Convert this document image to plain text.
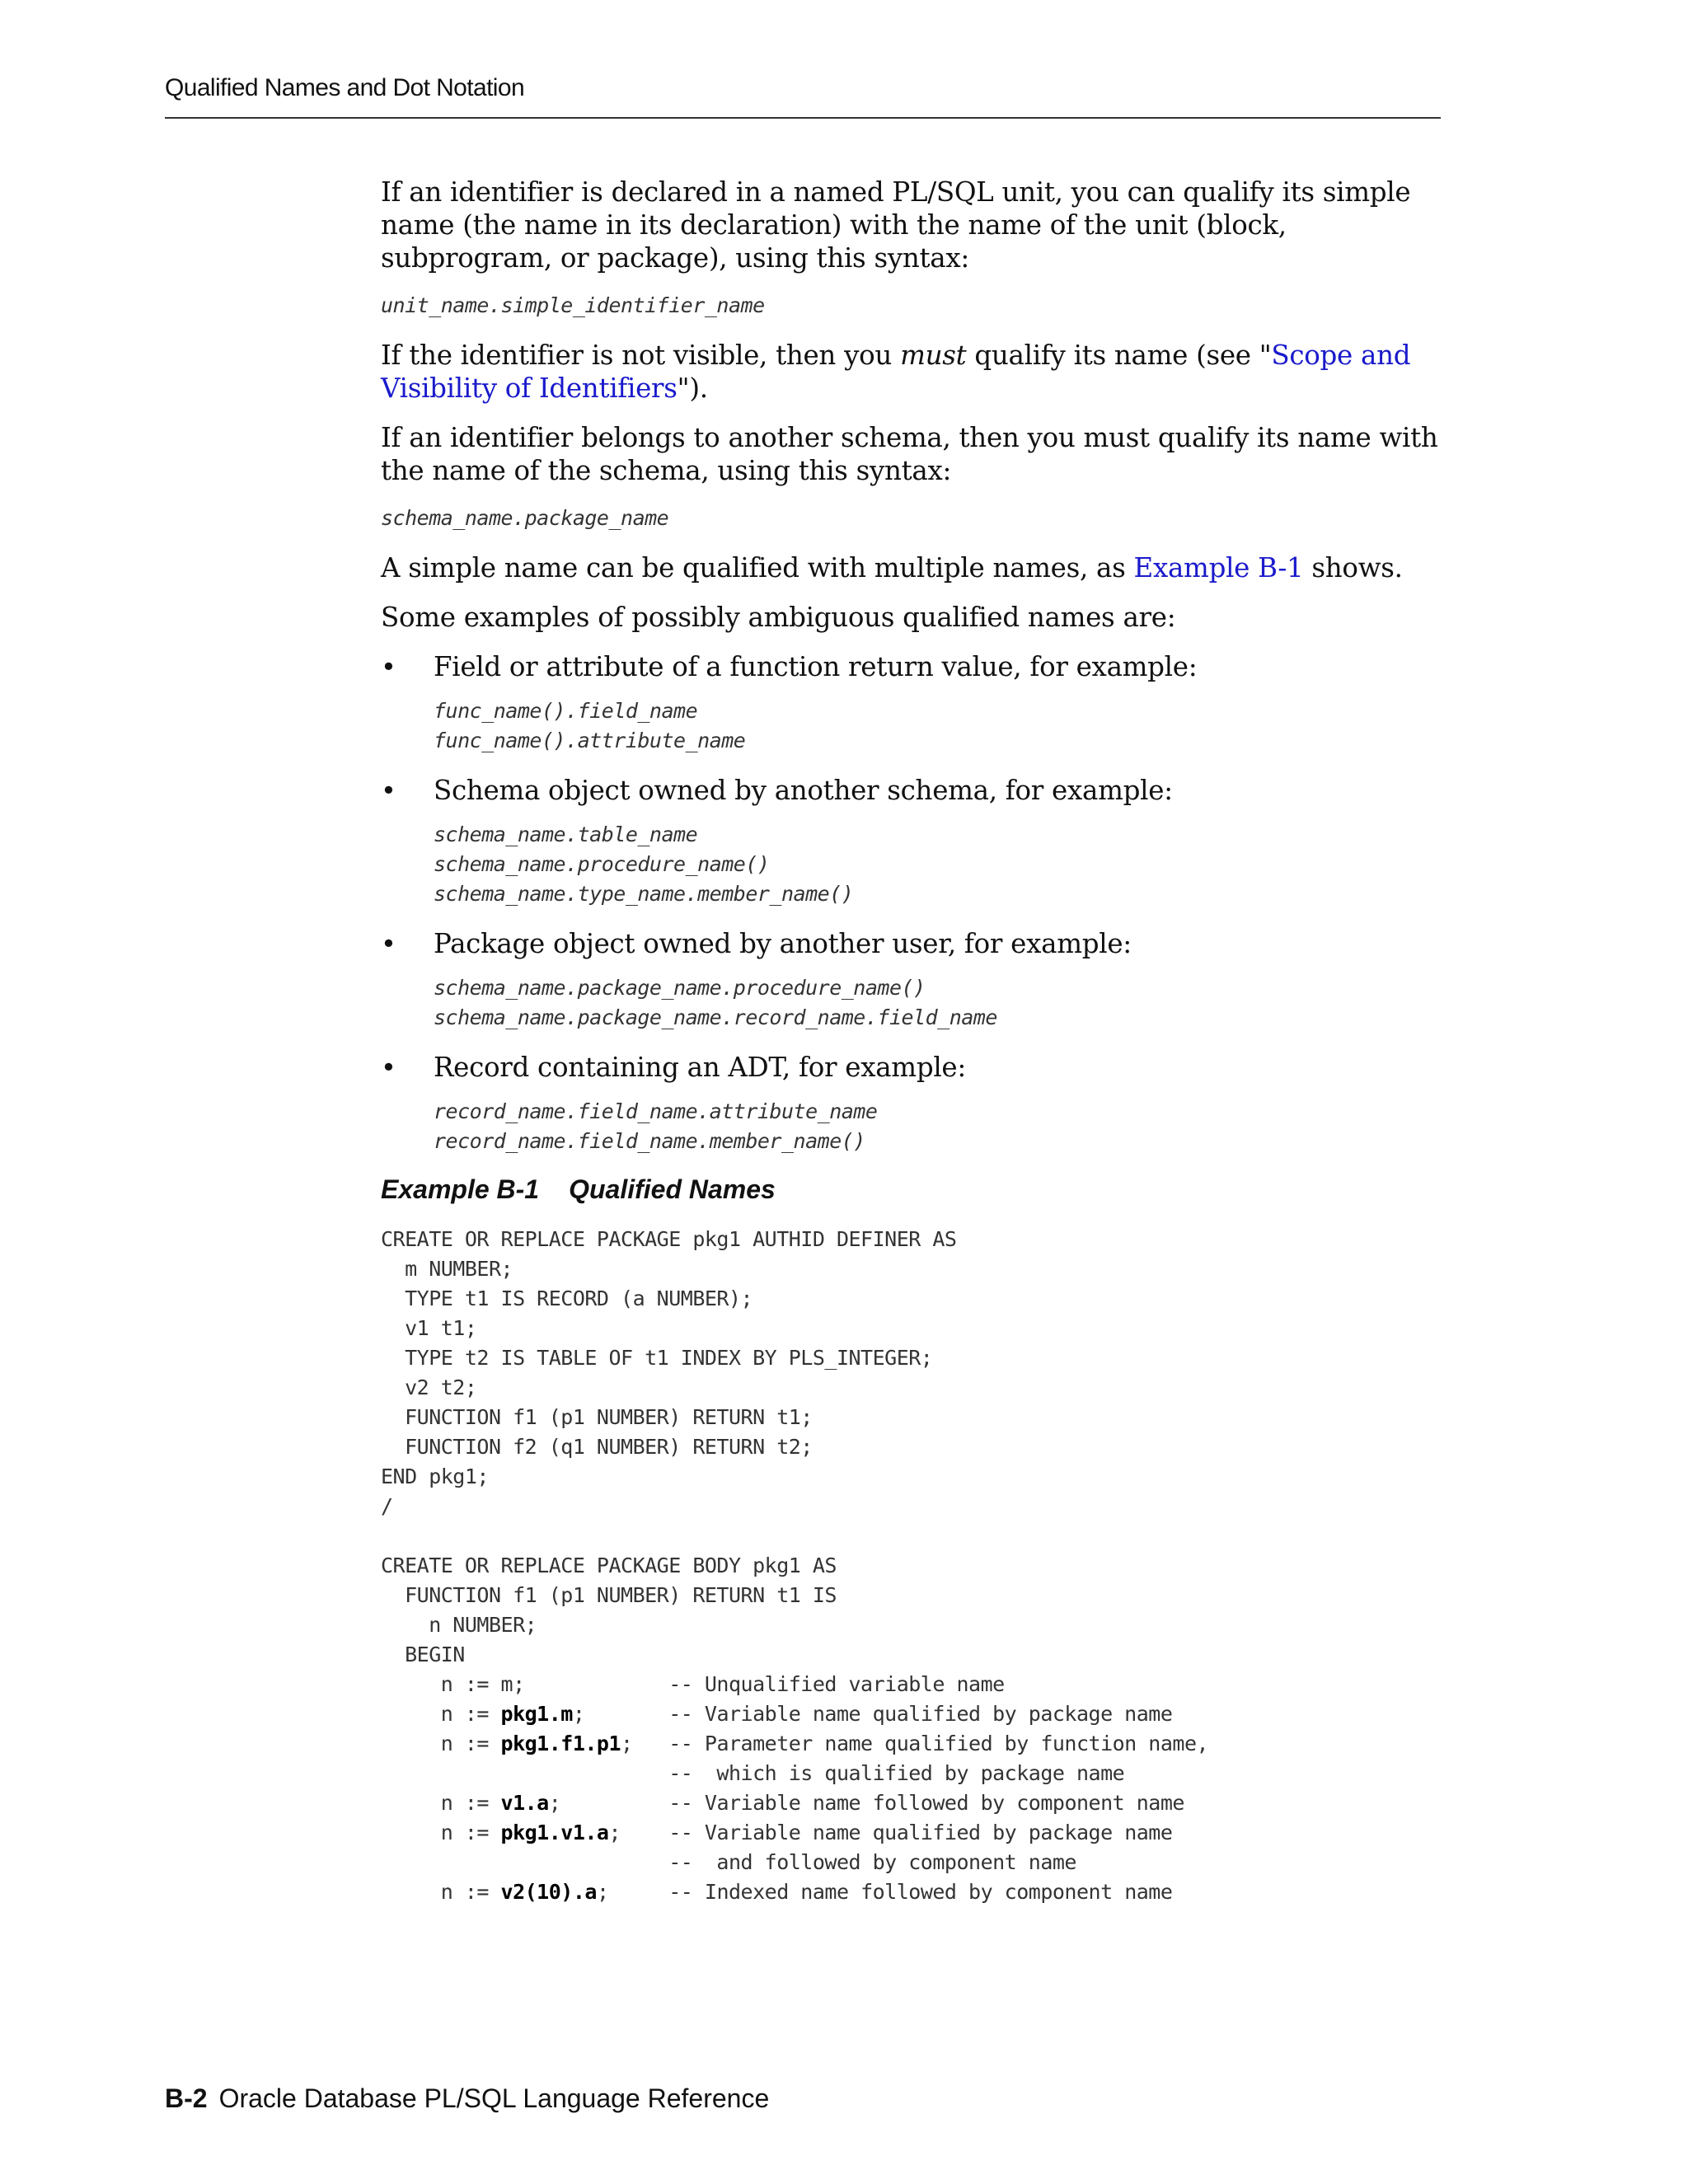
Qualified Names and Dot Notation

If an identifier is declared in a named PL/SQL unit, you can qualify its simple name (the name in its declaration) with the name of the unit (block, subprogram, or package), using this syntax:

unit_name.simple_identifier_name

If the identifier is not visible, then you must qualify its name (see "Scope and Visibility of Identifiers").

If an identifier belongs to another schema, then you must qualify its name with the name of the schema, using this syntax:

schema_name.package_name

A simple name can be qualified with multiple names, as Example B-1 shows.

Some examples of possibly ambiguous qualified names are:

• Field or attribute of a function return value, for example:

func_name().field_name
func_name().attribute_name
• Schema object owned by another schema, for example:

schema_name.table_name
schema_name.procedure_name()
schema_name.type_name.member_name()
• Package object owned by another user, for example:

schema_name.package_name.procedure_name()
schema_name.package_name.record_name.field_name
• Record containing an ADT, for example:

record_name.field_name.attribute_name
record_name.field_name.member_name()
Example B-1 Qualified Names
CREATE OR REPLACE PACKAGE pkg1 AUTHID DEFINER AS
m NUMBER;
TYPE t1 IS RECORD (a NUMBER);
v1 t1;
TYPE t2 IS TABLE OF t1 INDEX BY PLS_INTEGER;
v2 t2;
FUNCTION f1 (p1 NUMBER) RETURN t1;
FUNCTION f2 (q1 NUMBER) RETURN t2;
END pkg1;
/
CREATE OR REPLACE PACKAGE BODY pkg1 AS
FUNCTION f1 (p1 NUMBER) RETURN t1 IS
n NUMBER;
BEGIN
n := m;            -- Unqualified variable name
n := pkg1.m;       -- Variable name qualified by package name
n := pkg1.f1.p1;   -- Parameter name qualified by function name,
--  which is qualified by package name
n := v1.a;         -- Variable name followed by component name
n := pkg1.v1.a;    -- Variable name qualified by package name
--  and followed by component name
n := v2(10).a;     -- Indexed name followed by component name
B-2 Oracle Database PL/SQL Language Reference
